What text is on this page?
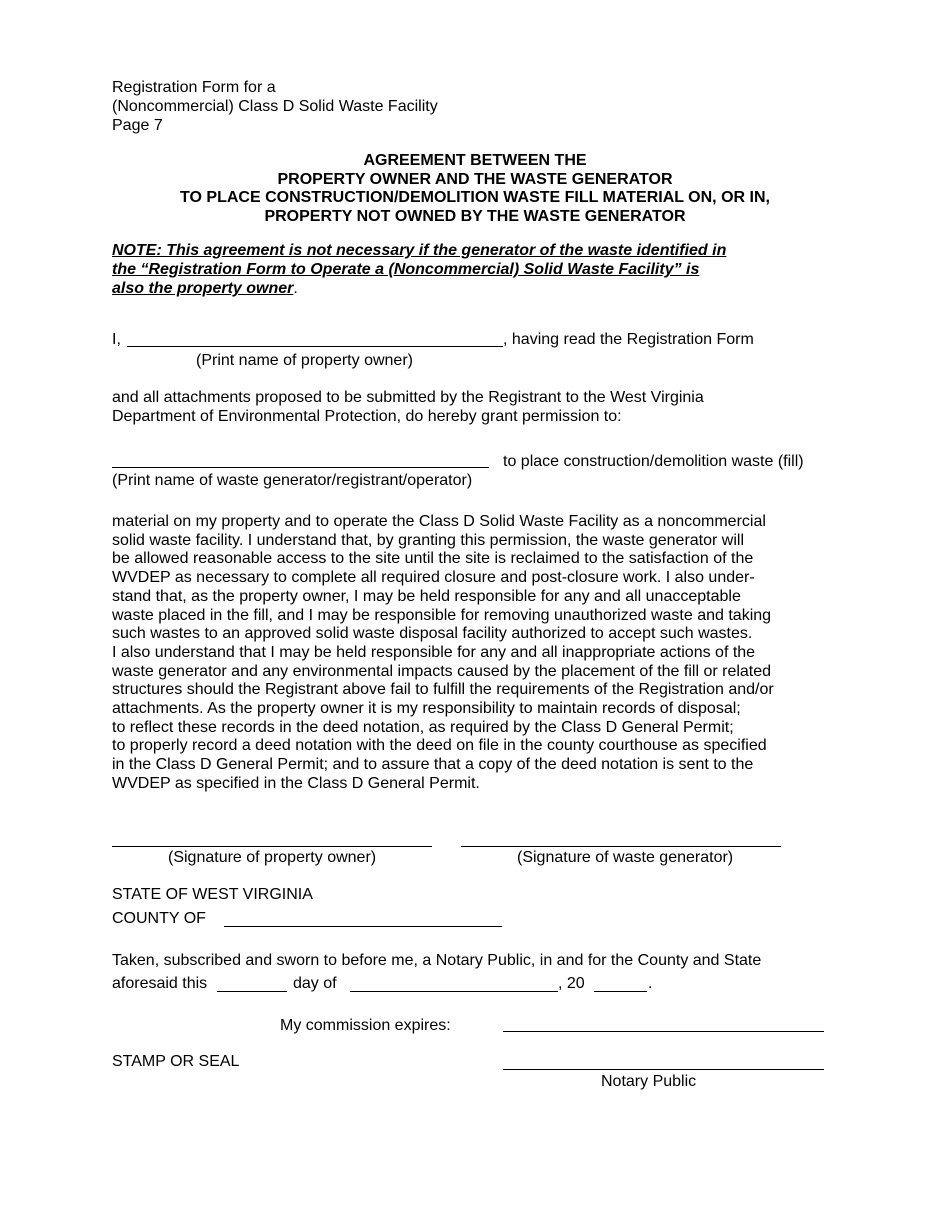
Registration Form for a
(Noncommercial) Class D Solid Waste Facility
Page 7
AGREEMENT BETWEEN THE
PROPERTY OWNER AND THE WASTE GENERATOR
TO PLACE CONSTRUCTION/DEMOLITION WASTE FILL MATERIAL ON, OR IN,
PROPERTY NOT OWNED BY THE WASTE GENERATOR
NOTE: This agreement is not necessary if the generator of the waste identified in
the “Registration Form to Operate a (Noncommercial) Solid Waste Facility” is
also the property owner.
I,	, having read the Registration Form
(Print name of property owner)
and all attachments proposed to be submitted by the Registrant to the West Virginia
Department of Environmental Protection, do hereby grant permission to:
to place construction/demolition waste (fill)
(Print name of waste generator/registrant/operator)
material on my property and to operate the Class D Solid Waste Facility as a noncommercial
solid waste facility. I understand that, by granting this permission, the waste generator will
be allowed reasonable access to the site until the site is reclaimed to the satisfaction of the
WVDEP as necessary to complete all required closure and post-closure work. I also under-
stand that, as the property owner, I may be held responsible for any and all unacceptable
waste placed in the fill, and I may be responsible for removing unauthorized waste and taking
such wastes to an approved solid waste disposal facility authorized to accept such wastes.
I also understand that I may be held responsible for any and all inappropriate actions of the
waste generator and any environmental impacts caused by the placement of the fill or related
structures should the Registrant above fail to fulfill the requirements of the Registration and/or
attachments. As the property owner it is my responsibility to maintain records of disposal;
to reflect these records in the deed notation, as required by the Class D General Permit;
to properly record a deed notation with the deed on file in the county courthouse as specified
in the Class D General Permit; and to assure that a copy of the deed notation is sent to the
WVDEP as specified in the Class D General Permit.
(Signature of property owner)	(Signature of waste generator)
STATE OF WEST VIRGINIA
COUNTY OF
Taken, subscribed and sworn to before me, a Notary Public, in and for the County and State
aforesaid this	day of	, 20	.
My commission expires:
STAMP OR SEAL
Notary Public
